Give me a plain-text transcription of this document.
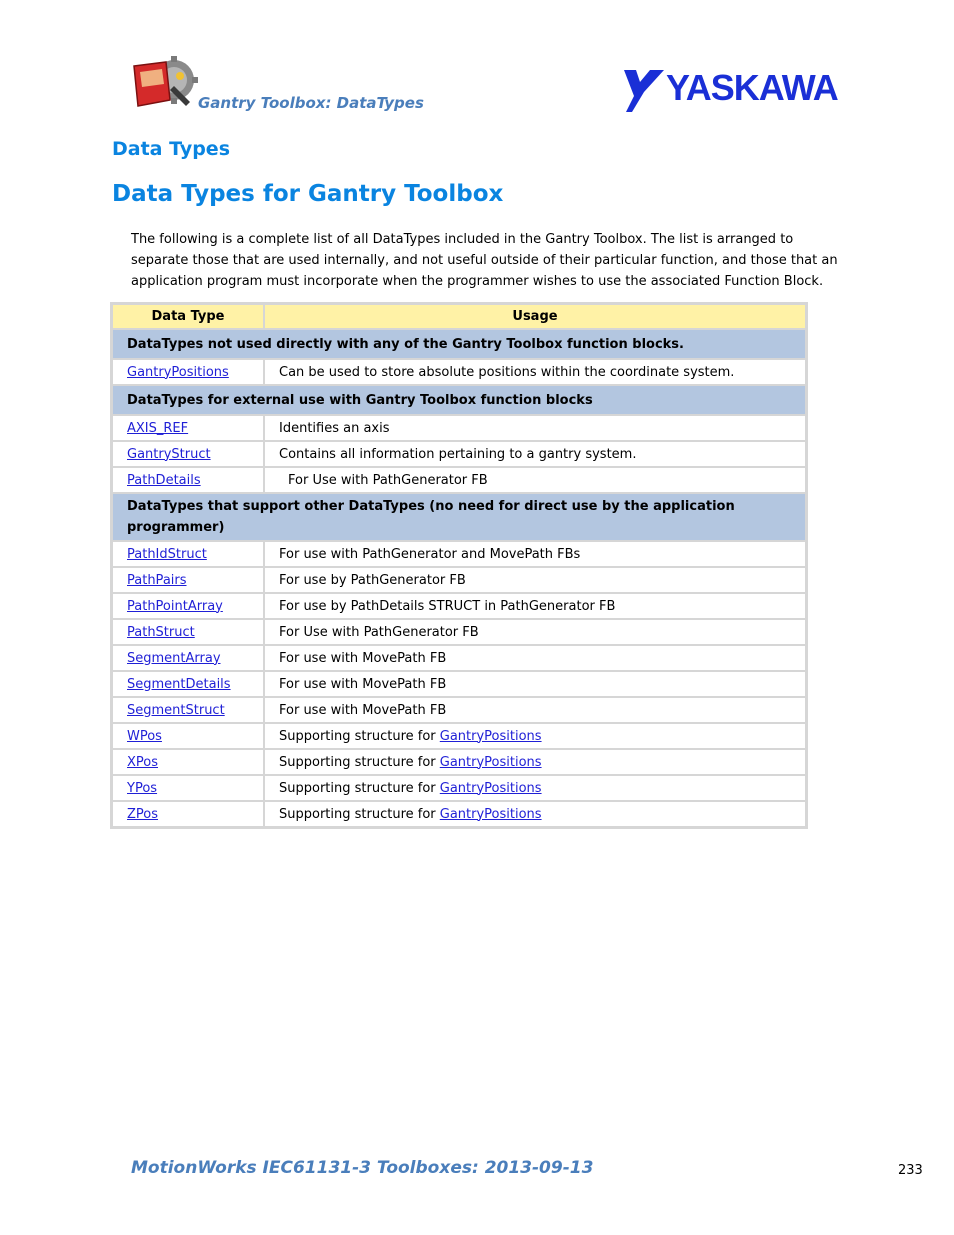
Gantry Toolbox: DataTypes	YASKAWA
Data Types
Data Types for Gantry Toolbox

The following is a complete list of all DataTypes included in the Gantry Toolbox. The list is arranged to separate those that are used internally, and not useful outside of their particular function, and those that an application program must incorporate when the programmer wishes to use the associated Function Block.

Data Type	Usage
DataTypes not used directly with any of the Gantry Toolbox function blocks.	
GantryPositions	Can be used to store absolute positions within the coordinate system.
DataTypes for external use with Gantry Toolbox function blocks	
AXIS_REF	Identifies an axis
GantryStruct	Contains all information pertaining to a gantry system.
PathDetails	For Use with PathGenerator FB
DataTypes that support other DataTypes (no need for direct use by the application programmer)	
PathIdStruct	For use with PathGenerator and MovePath FBs
PathPairs	For use by PathGenerator FB
PathPointArray	For use by PathDetails STRUCT in PathGenerator FB
PathStruct	For Use with PathGenerator FB
SegmentArray	For use with MovePath FB
SegmentDetails	For use with MovePath FB
SegmentStruct	For use with MovePath FB
WPos	Supporting structure for GantryPositions
XPos	Supporting structure for GantryPositions
YPos	Supporting structure for GantryPositions
ZPos	Supporting structure for GantryPositions
MotionWorks IEC61131-3 Toolboxes: 2013-09-13	233
